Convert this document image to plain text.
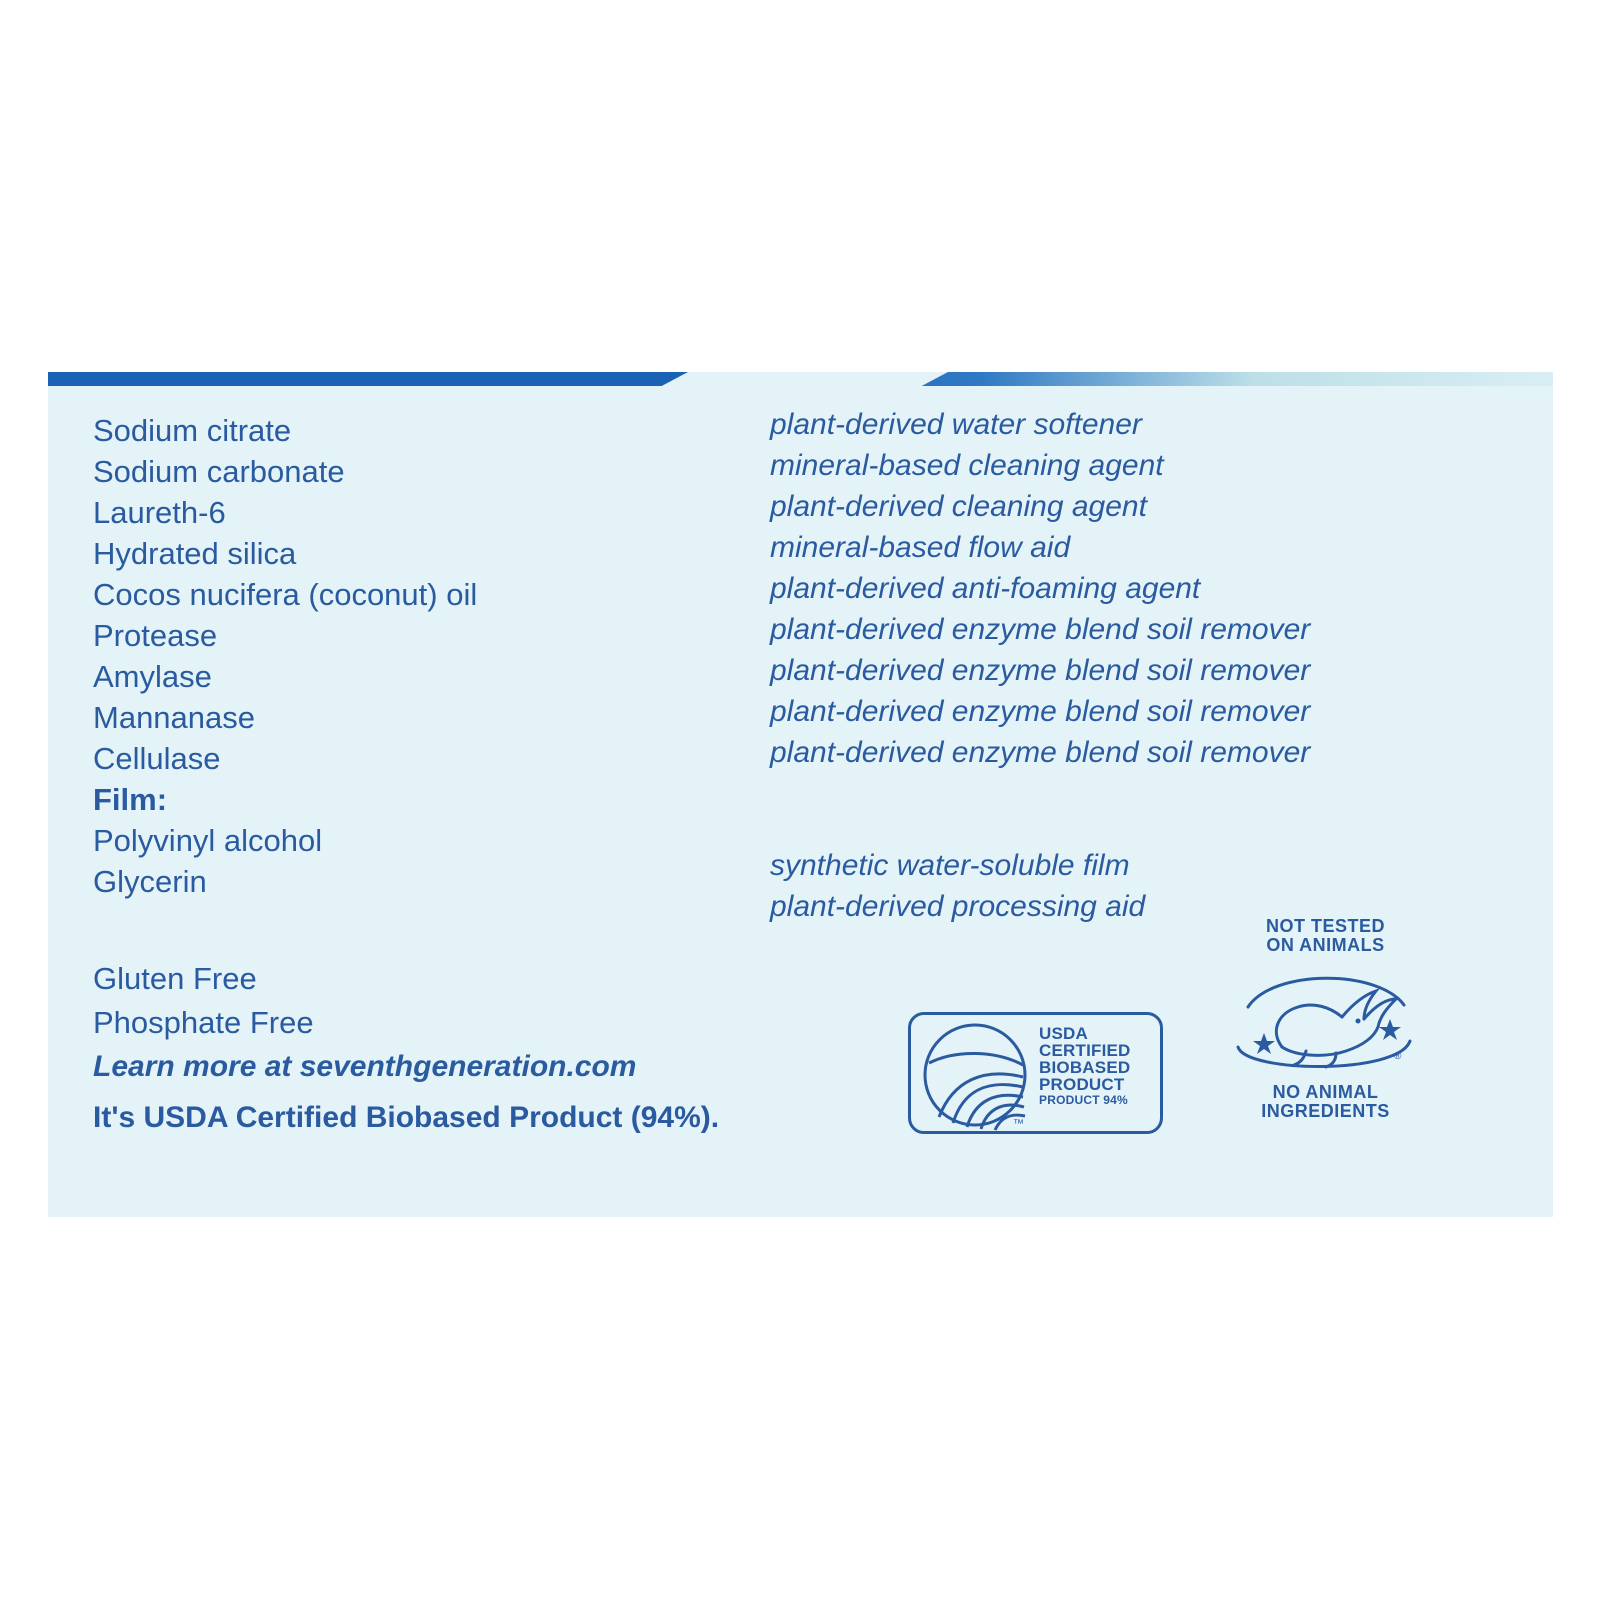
Sodium citrate
Sodium carbonate
Laureth-6
Hydrated silica
Cocos nucifera (coconut) oil
Protease
Amylase
Mannanase
Cellulase
Film:
Polyvinyl alcohol
Glycerin
plant-derived water softener
mineral-based cleaning agent
plant-derived cleaning agent
mineral-based flow aid
plant-derived anti-foaming agent
plant-derived enzyme blend soil remover
plant-derived enzyme blend soil remover
plant-derived enzyme blend soil remover
plant-derived enzyme blend soil remover
synthetic water-soluble film
plant-derived processing aid
Gluten Free
Phosphate Free
Learn more at seventhgeneration.com
It's USDA Certified Biobased Product (94%).	™
USDA
CERTIFIED
BIOBASED
PRODUCT
PRODUCT 94%
NOT TESTED
ON ANIMALS
®
NO ANIMAL
INGREDIENTS
